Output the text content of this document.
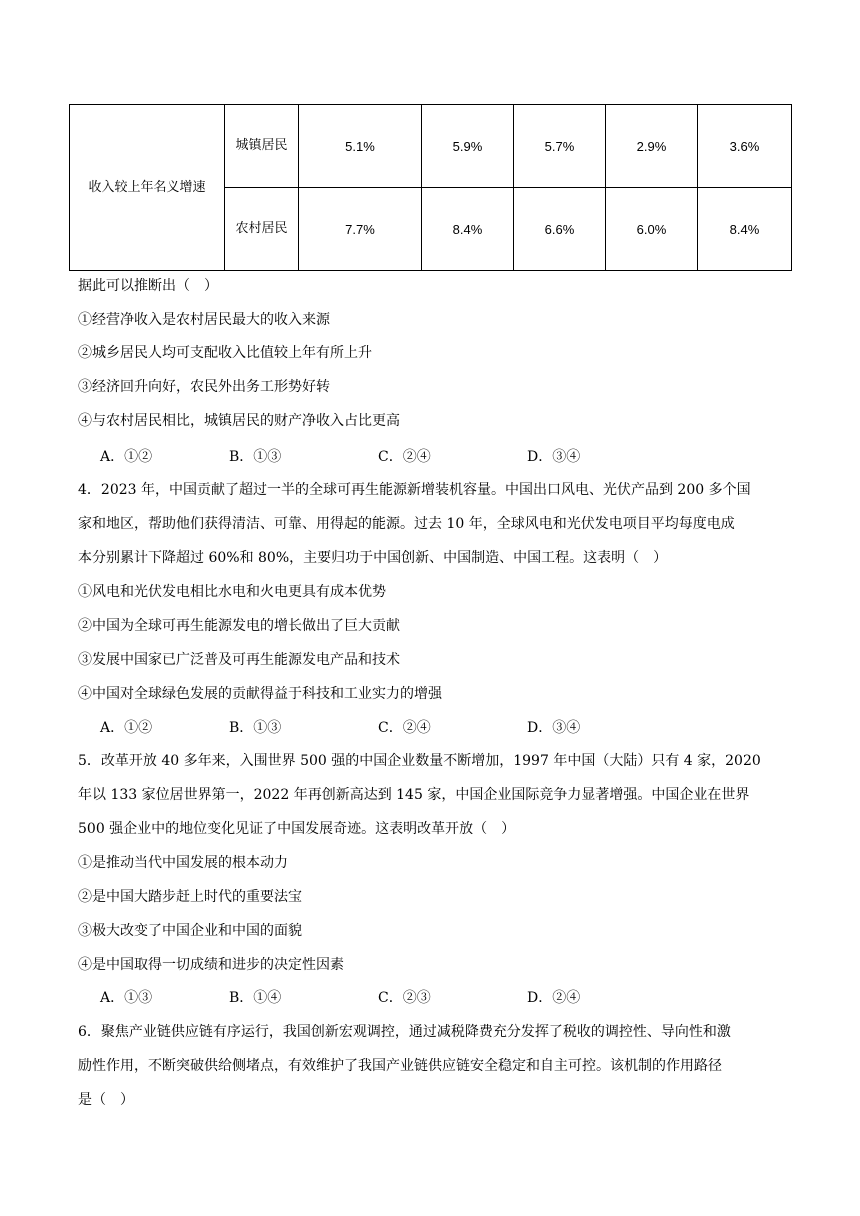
收入较上年名义增速	城镇居民	5.1%	5.9%	5.7%	2.9%	3.6%

	农村居民	7.7%	8.4%	6.6%	6.0%	8.4%
据此可以推断出（　）
①经营净收入是农村居民最大的收入来源
②城乡居民人均可支配收入比值较上年有所上升
③经济回升向好，农民外出务工形势好转
④与农村居民相比，城镇居民的财产净收入占比更高
A．①②	B．①③	C．②④	D．③④
4．2023 年，中国贡献了超过一半的全球可再生能源新增装机容量。中国出口风电、光伏产品到 200 多个国
家和地区，帮助他们获得清洁、可靠、用得起的能源。过去 10 年，全球风电和光伏发电项目平均每度电成
本分别累计下降超过 60%和 80%，主要归功于中国创新、中国制造、中国工程。这表明（　）
①风电和光伏发电相比水电和火电更具有成本优势
②中国为全球可再生能源发电的增长做出了巨大贡献
③发展中国家已广泛普及可再生能源发电产品和技术
④中国对全球绿色发展的贡献得益于科技和工业实力的增强
A．①②	B．①③	C．②④	D．③④
5．改革开放 40 多年来，入围世界 500 强的中国企业数量不断增加，1997 年中国（大陆）只有 4 家，2020
年以 133 家位居世界第一，2022 年再创新高达到 145 家，中国企业国际竞争力显著增强。中国企业在世界
500 强企业中的地位变化见证了中国发展奇迹。这表明改革开放（　）
①是推动当代中国发展的根本动力
②是中国大踏步赶上时代的重要法宝
③极大改变了中国企业和中国的面貌
④是中国取得一切成绩和进步的决定性因素
A．①③	B．①④	C．②③	D．②④
6．聚焦产业链供应链有序运行，我国创新宏观调控，通过减税降费充分发挥了税收的调控性、导向性和激
励性作用，不断突破供给侧堵点，有效维护了我国产业链供应链安全稳定和自主可控。该机制的作用路径
是（　）
